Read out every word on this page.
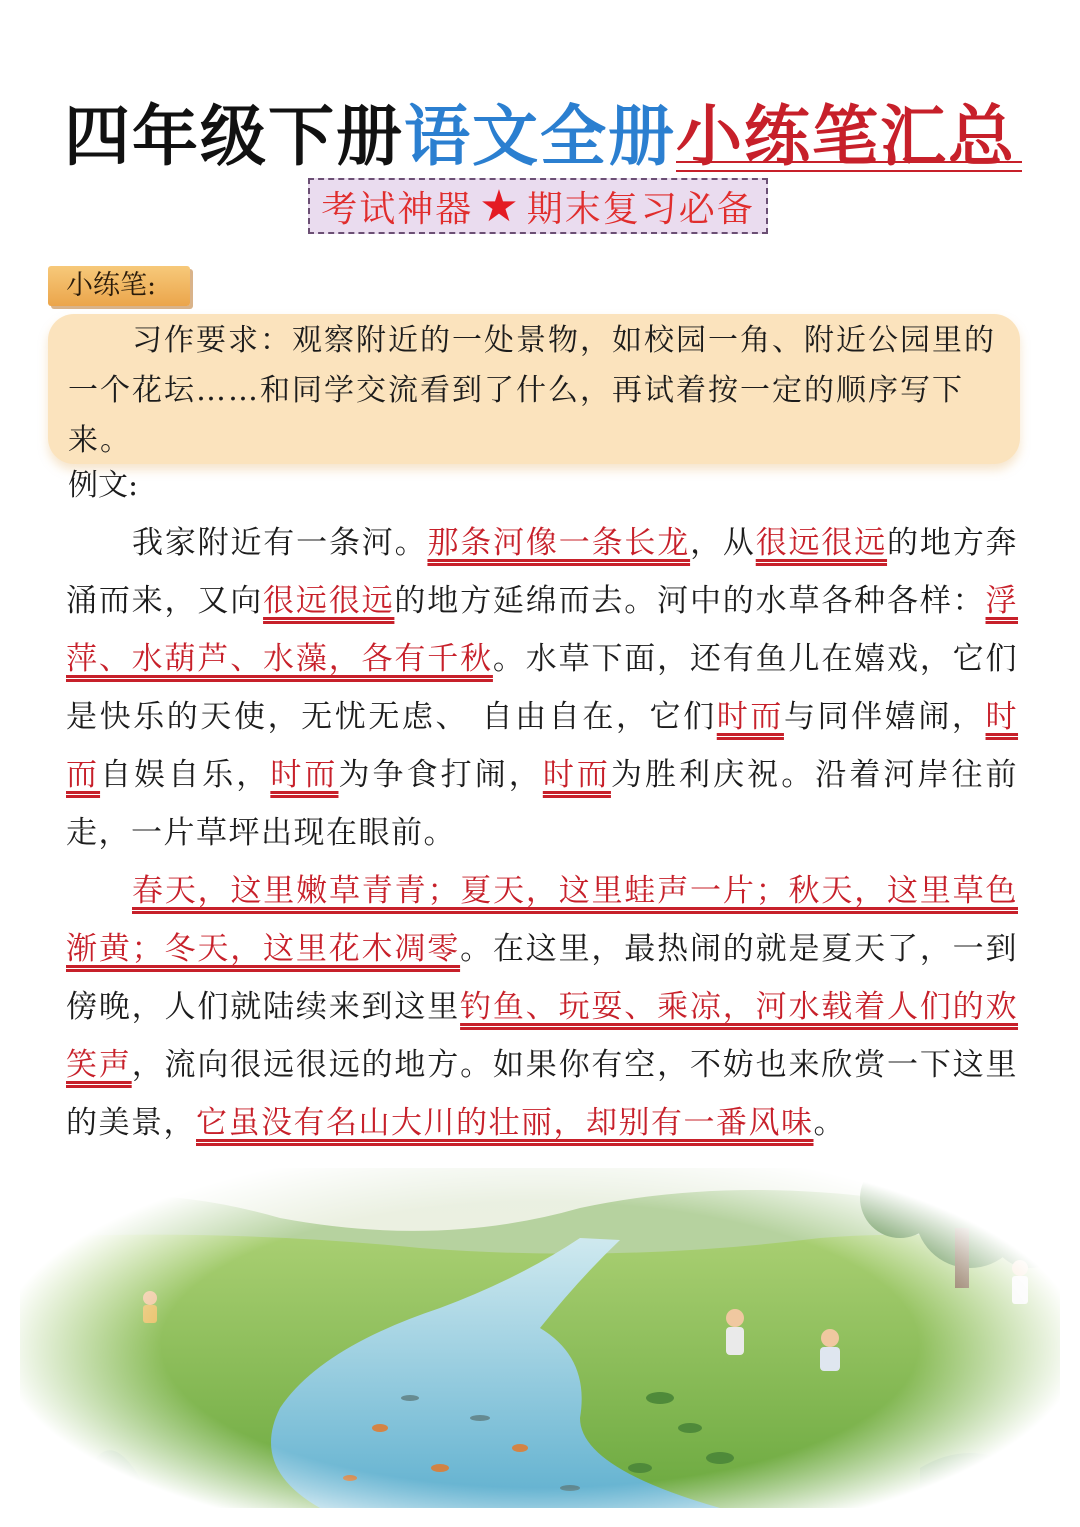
四年级下册语文全册小练笔汇总
考试神器 ★ 期末复习必备
小练笔:
习作要求：观察附近的一处景物，如校园一角、附近公园里的一个花坛……和同学交流看到了什么，再试着按一定的顺序写下来。
例文:

我家附近有一条河。那条河像一条长龙，从很远很远的地方奔涌而来，又向很远很远的地方延绵而去。河中的水草各种各样：浮萍、水葫芦、水藻，各有千秋。水草下面，还有鱼儿在嬉戏，它们是快乐的天使，无忧无虑、 自由自在，它们时而与同伴嬉闹，时而自娱自乐，时而为争食打闹，时而为胜利庆祝。沿着河岸往前走，一片草坪出现在眼前。

春天，这里嫩草青青；夏天，这里蛙声一片；秋天，这里草色渐黄；冬天，这里花木凋零。在这里，最热闹的就是夏天了，一到傍晚，人们就陆续来到这里钓鱼、玩耍、乘凉，河水载着人们的欢笑声，流向很远很远的地方。如果你有空，不妨也来欣赏一下这里的美景，它虽没有名山大川的壮丽，却别有一番风味。
